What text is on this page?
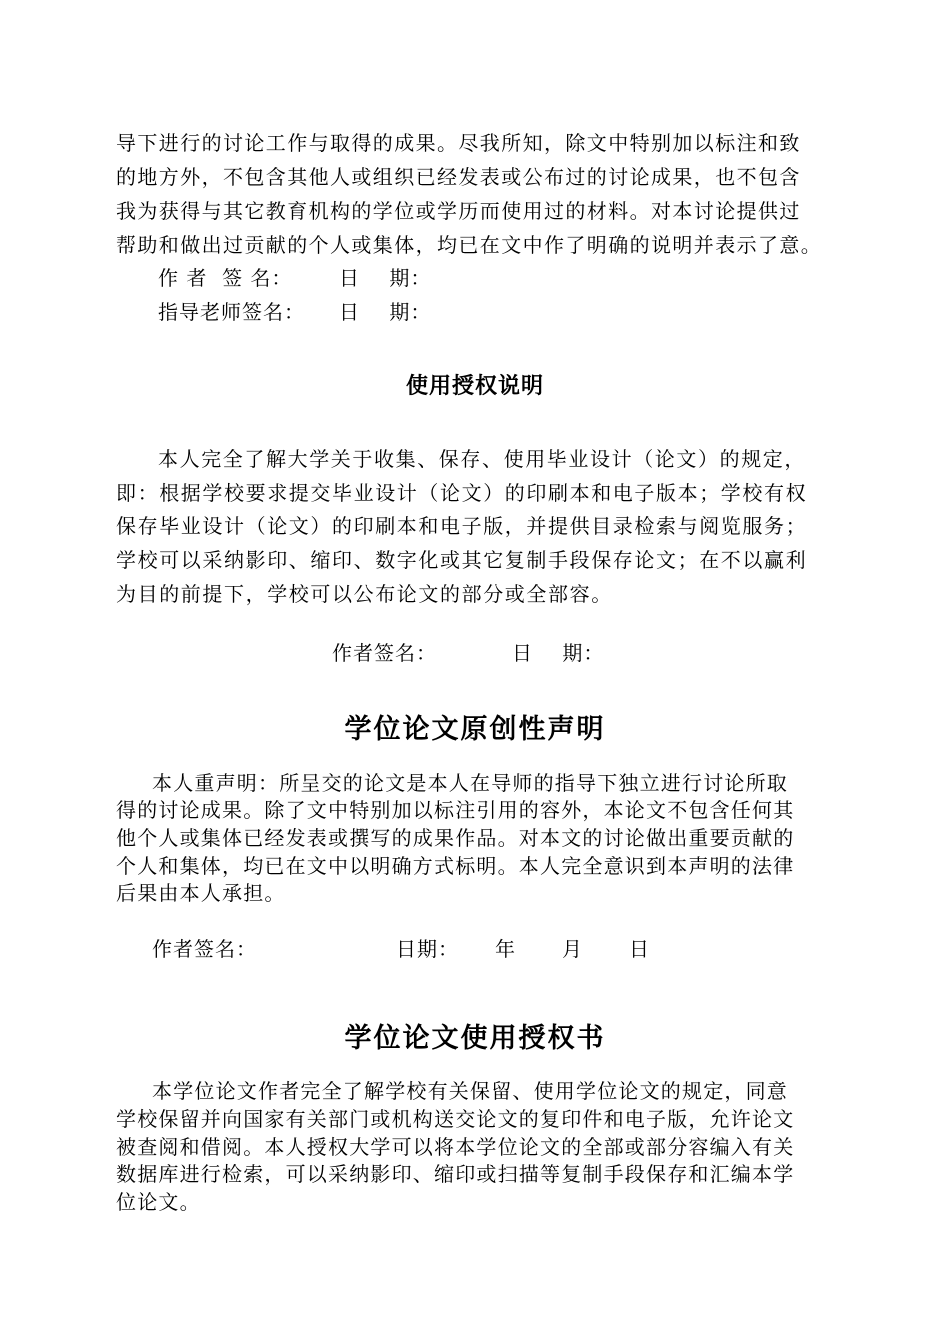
导下进行的讨论工作与取得的成果。尽我所知，除文中特别加以标注和致
的地方外，不包含其他人或组织已经发表或公布过的讨论成果，也不包含
我为获得与其它教育机构的学位或学历而使用过的材料。对本讨论提供过
帮助和做出过贡献的个人或集体，均已在文中作了明确的说明并表示了意。
作 者  签 名： 日    期：
指导老师签名： 日    期：
使用授权说明
本人完全了解大学关于收集、保存、使用毕业设计（论文）的规定，
即：根据学校要求提交毕业设计（论文）的印刷本和电子版本；学校有权
保存毕业设计（论文）的印刷本和电子版，并提供目录检索与阅览服务；
学校可以采纳影印、缩印、数字化或其它复制手段保存论文；在不以赢利
为目的前提下，学校可以公布论文的部分或全部容。
作者签名：	日    期：
学位论文原创性声明
本人重声明：所呈交的论文是本人在导师的指导下独立进行讨论所取
得的讨论成果。除了文中特别加以标注引用的容外，本论文不包含任何其
他个人或集体已经发表或撰写的成果作品。对本文的讨论做出重要贡献的
个人和集体，均已在文中以明确方式标明。本人完全意识到本声明的法律
后果由本人承担。
作者签名：	日期： 年 月 日
学位论文使用授权书
本学位论文作者完全了解学校有关保留、使用学位论文的规定，同意
学校保留并向国家有关部门或机构送交论文的复印件和电子版，允许论文
被查阅和借阅。本人授权大学可以将本学位论文的全部或部分容编入有关
数据库进行检索，可以采纳影印、缩印或扫描等复制手段保存和汇编本学
位论文。
